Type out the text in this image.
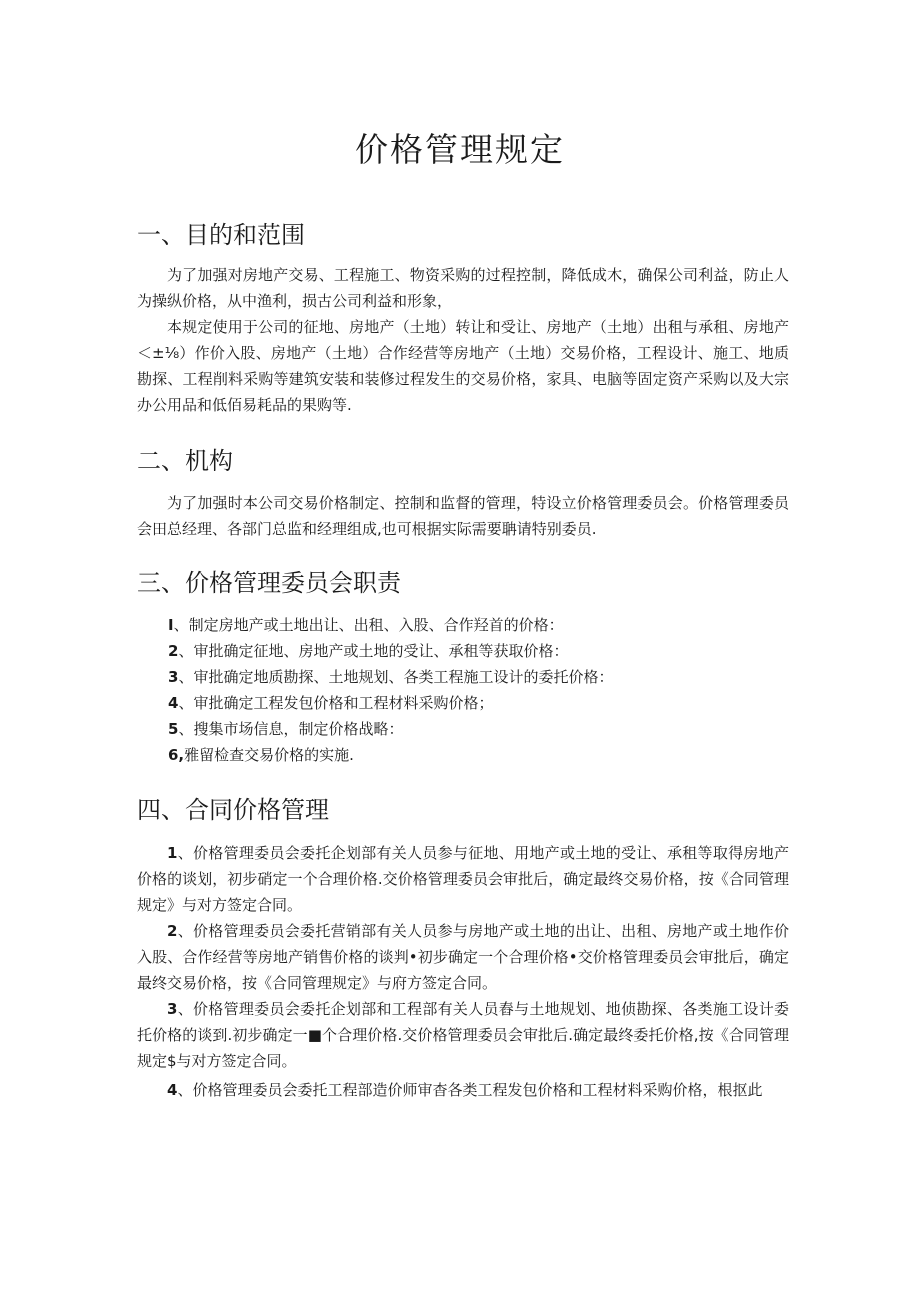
价格管理规定
一、目的和范围

为了加强对房地产交易、工程施工、物资采购的过程控制，降低成木，确保公司利益，防止人为操纵价格，从中渔利，损古公司利益和形象，

本规定使用于公司的征地、房地产（土地）转让和受让、房地产（土地）出租与承租、房地产＜±⅛）作价入股、房地产（土地）合作经营等房地产（土地）交易价格，工程设计、施工、地质勘探、工程削料采购等建筑安装和装修过程发生的交易价格，家具、电脑等固定资产采购以及大宗办公用品和低佰易耗品的果购等.

二、机构

为了加强时本公司交易价格制定、控制和监督的管理，特设立价格管理委员会。价格管理委员会田总经理、各部门总监和经理组成,也可根据实际需要聃请特别委员.

三、价格管理委员会职责

I、制定房地产或土地出让、出租、入股、合作羟首的价格：

2、审批确定征地、房地产或土地的受让、承租等获取价格：

3、审批确定地质勘探、土地规划、各类工程施工设计的委托价格：

4、审批确定工程发包价格和工程材料采购价格；

5、搜集市场信息，制定价格战略：

6,雅留检查交易价格的实施.

四、合同价格管理

1、价格管理委员会委托企划部有关人员参与征地、用地产或土地的受让、承租等取得房地产价格的谈划，初步硝定一个合理价格.交价格管理委员会审批后，确定最终交易价格，按《合同管理规定》与对方签定合同。

2、价格管理委员会委托营销部有关人员参与房地产或土地的出让、出租、房地产或土地作价入股、合作经营等房地产销售价格的谈判•初步确定一个合理价格•交价格管理委员会审批后，确定最终交易价格，按《合同管理规定》与府方签定合同。

3、价格管理委员会委托企划部和工程部有关人员舂与土地规划、地侦勘探、各类施工设计委托价格的谈到.初步确定一■个合理价格.交价格管理委员会审批后.确定最终委托价格,按《合同管理规定$与对方签定合同。

4、价格管理委员会委托工程部造价师审杳各类工程发包价格和工程材料采购价格，根抠此
